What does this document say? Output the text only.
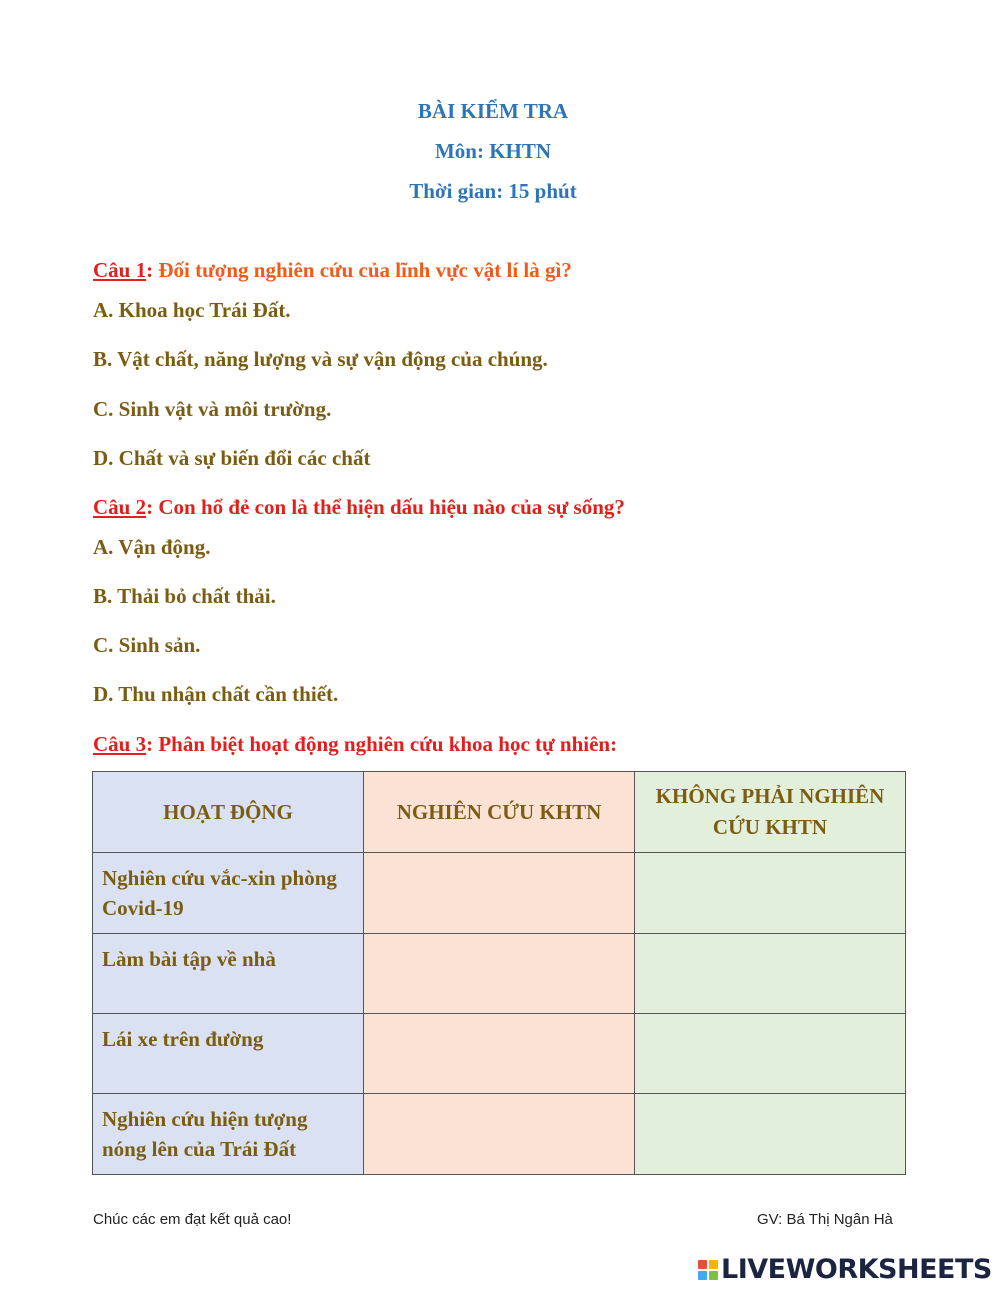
BÀI KIỂM TRA
Môn: KHTN
Thời gian: 15 phút
Câu 1: Đối tượng nghiên cứu của lĩnh vực vật lí là gì?
A. Khoa học Trái Đất.
B. Vật chất, năng lượng và sự vận động của chúng.
C. Sinh vật và môi trường.
D. Chất và sự biến đổi các chất
Câu 2: Con hổ đẻ con là thể hiện dấu hiệu nào của sự sống?
A. Vận động.
B. Thải bỏ chất thải.
C. Sinh sản.
D. Thu nhận chất cần thiết.
Câu 3: Phân biệt hoạt động nghiên cứu khoa học tự nhiên:
HOẠT ĐỘNG	NGHIÊN CỨU KHTN	KHÔNG PHẢI NGHIÊN CỨU KHTN

Nghiên cứu vắc-xin phòng Covid-19		

Làm bài tập về nhà		

Lái xe trên đường		

Nghiên cứu hiện tượng nóng lên của Trái Đất		

Chúc các em đạt kết quả cao!	GV: Bá Thị Ngân Hà
LIVEWORKSHEETS
